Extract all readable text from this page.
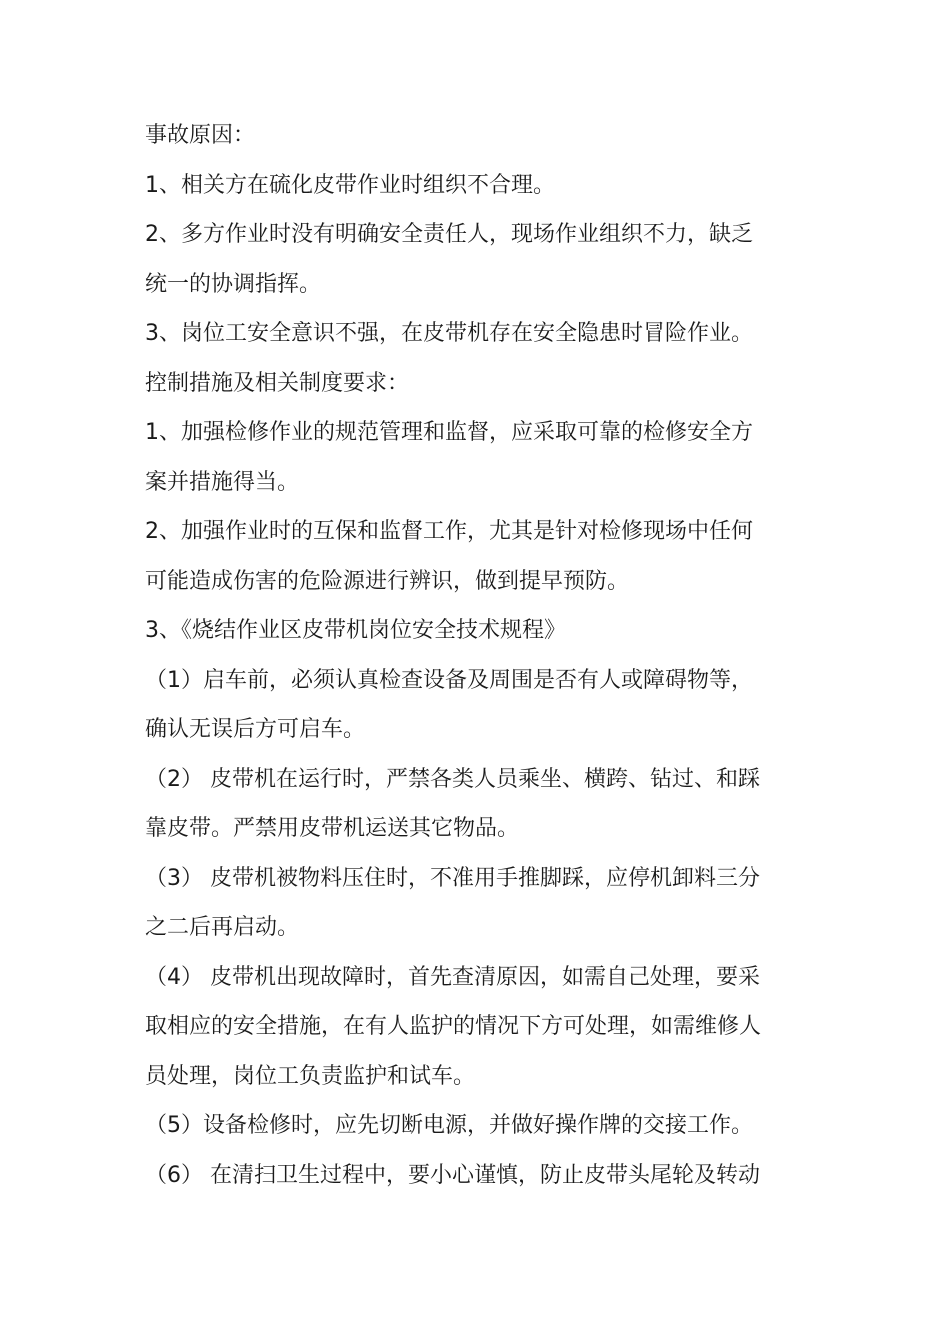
事故原因：
1、相关方在硫化皮带作业时组织不合理。
2、多方作业时没有明确安全责任人，现场作业组织不力，缺乏
统一的协调指挥。
3、岗位工安全意识不强，在皮带机存在安全隐患时冒险作业。
控制措施及相关制度要求：
1、加强检修作业的规范管理和监督，应采取可靠的检修安全方
案并措施得当。
2、加强作业时的互保和监督工作，尤其是针对检修现场中任何
可能造成伤害的危险源进行辨识，做到提早预防。
3、《烧结作业区皮带机岗位安全技术规程》
（1）启车前，必须认真检查设备及周围是否有人或障碍物等，
确认无误后方可启车。
（2） 皮带机在运行时，严禁各类人员乘坐、横跨、钻过、和踩
靠皮带。严禁用皮带机运送其它物品。
（3） 皮带机被物料压住时，不准用手推脚踩，应停机卸料三分
之二后再启动。
（4） 皮带机出现故障时，首先查清原因，如需自己处理，要采
取相应的安全措施，在有人监护的情况下方可处理，如需维修人
员处理，岗位工负责监护和试车。
（5）设备检修时，应先切断电源，并做好操作牌的交接工作。
（6） 在清扫卫生过程中，要小心谨慎，防止皮带头尾轮及转动
